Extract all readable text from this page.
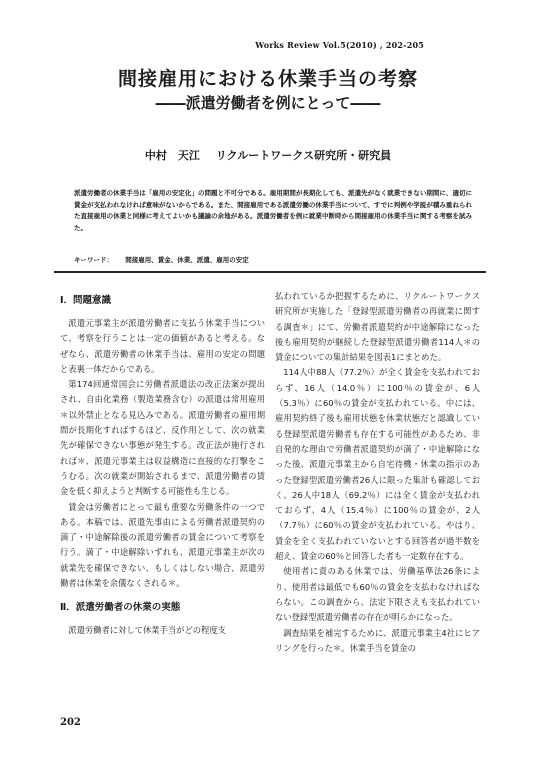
Works Review Vol.5(2010) , 202-205
間接雇用における休業手当の考察
――派遣労働者を例にとって――
中村　天江 リクルートワークス研究所・研究員
派遣労働者の休業手当は「雇用の安定化」の問題と不可分である。雇用期間が長期化しても、派遣先がなく就業できない期間に、適切に賃金が支払われなければ意味がないからである。また、間接雇用である派遣労働の休業手当について、すでに判例や学説が積み重ねられた直接雇用の休業と同様に考えてよいかも議論の余地がある。派遣労働者を例に就業中断時から間接雇用の休業手当に関する考察を試みた。
キーワード： 間接雇用、賃金、休業、派遣、雇用の安定
Ⅰ．問題意識

派遣元事業主が派遣労働者に支払う休業手当について、考察を行うことは一定の価値があると考える。なぜなら、派遣労働者の休業手当は、雇用の安定の問題と表裏一体だからである。

第174回通常国会に労働者派遣法の改正法案が提出され、自由化業務（製造業務含む）の派遣は常用雇用＊以外禁止となる見込みである。派遣労働者の雇用期間が長期化すればするほど、反作用として、次の就業先が確保できない事態が発生する。改正法が施行されれば＊、派遣元事業主は収益構造に直接的な打撃をこうむる。次の就業が開始されるまで、派遣労働者の賃金を低く抑えようと判断する可能性も生じる。

賃金は労働者にとって最も重要な労働条件の一つである。本稿では、派遣先事由による労働者派遣契約の満了・中途解除後の派遣労働者の賃金について考察を行う。満了・中途解除いずれも、派遣元事業主が次の就業先を確保できない、もしくはしない場合、派遣労働者は休業を余儀なくされる＊。

Ⅱ．派遣労働者の休業の実態

派遣労働者に対して休業手当がどの程度支

払われているか把握するために、リクルートワークス研究所が実施した「登録型派遣労働者の再就業に関する調査＊」にて、労働者派遣契約が中途解除になった後も雇用契約が継続した登録型派遣労働者114人＊の賃金についての集計結果を図表1にまとめた。

114人中88人（77.2％）が全く賃金を支払われておらず、16人（14.0％）に100％の賃金が、6人（5.3％）に60％の賃金が支払われている。中には、雇用契約終了後も雇用状態を休業状態だと認識している登録型派遣労働者も存在する可能性があるため、非自発的な理由で労働者派遣契約が満了・中途解除になった後、派遣元事業主から自宅待機・休業の指示のあった登録型派遣労働者26人に限った集計も確認しておく。26人中18人（69.2％）には全く賃金が支払われておらず、4人（15.4％）に100％の賃金が、2人（7.7％）に60％の賃金が支払われている。やはり、賃金を全く支払われていないとする回答者が過半数を超え、賃金の60％と回答した者も一定数存在する。

使用者に責のある休業では、労働基準法26条により、使用者は最低でも60％の賃金を支払わなければならない。この調査から、法定下限さえも支払われていない登録型派遣労働者の存在が明らかになった。

調査結果を補完するために、派遣元事業主4社にヒアリングを行った＊。休業手当を賃金の

202
